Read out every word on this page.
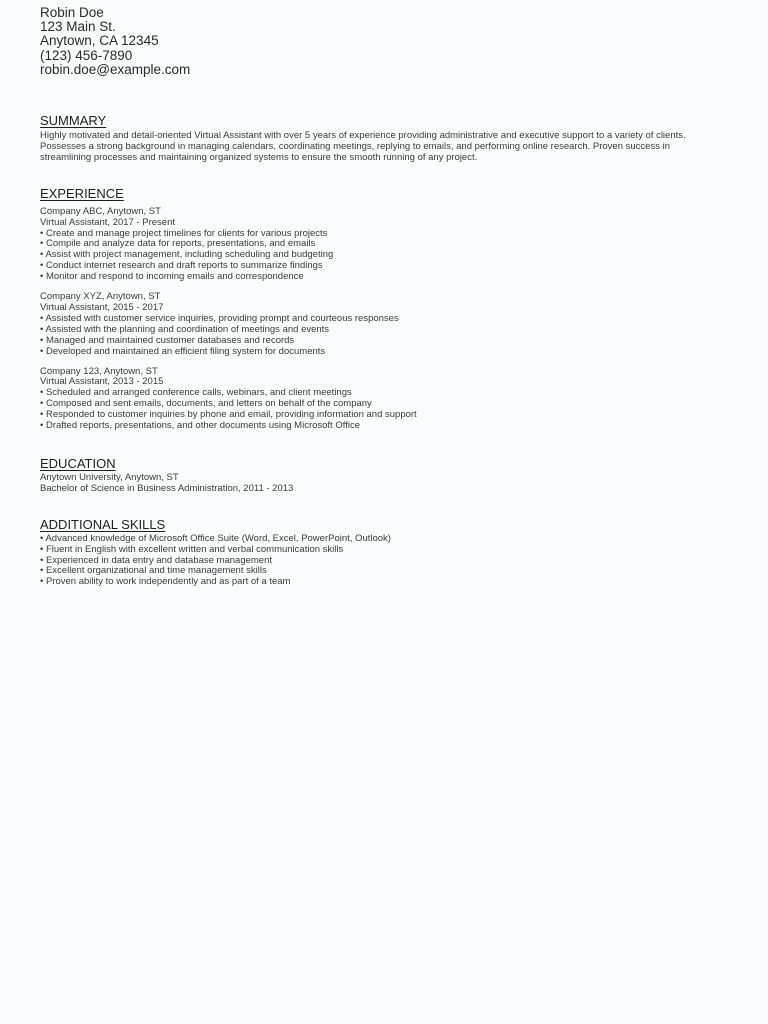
Robin Doe
123 Main St.
Anytown, CA 12345
(123) 456-7890
robin.doe@example.com
SUMMARY
Highly motivated and detail-oriented Virtual Assistant with over 5 years of experience providing administrative and executive support to a variety of clients. Possesses a strong background in managing calendars, coordinating meetings, replying to emails, and performing online research. Proven success in streamlining processes and maintaining organized systems to ensure the smooth running of any project.
EXPERIENCE
Company ABC, Anytown, ST
Virtual Assistant, 2017 - Present
• Create and manage project timelines for clients for various projects
• Compile and analyze data for reports, presentations, and emails
• Assist with project management, including scheduling and budgeting
• Conduct internet research and draft reports to summarize findings
• Monitor and respond to incoming emails and correspondence
Company XYZ, Anytown, ST
Virtual Assistant, 2015 - 2017
• Assisted with customer service inquiries, providing prompt and courteous responses
• Assisted with the planning and coordination of meetings and events
• Managed and maintained customer databases and records
• Developed and maintained an efficient filing system for documents
Company 123, Anytown, ST
Virtual Assistant, 2013 - 2015
• Scheduled and arranged conference calls, webinars, and client meetings
• Composed and sent emails, documents, and letters on behalf of the company
• Responded to customer inquiries by phone and email, providing information and support
• Drafted reports, presentations, and other documents using Microsoft Office
EDUCATION
Anytown University, Anytown, ST
Bachelor of Science in Business Administration, 2011 - 2013
ADDITIONAL SKILLS
• Advanced knowledge of Microsoft Office Suite (Word, Excel, PowerPoint, Outlook)
• Fluent in English with excellent written and verbal communication skills
• Experienced in data entry and database management
• Excellent organizational and time management skills
• Proven ability to work independently and as part of a team
